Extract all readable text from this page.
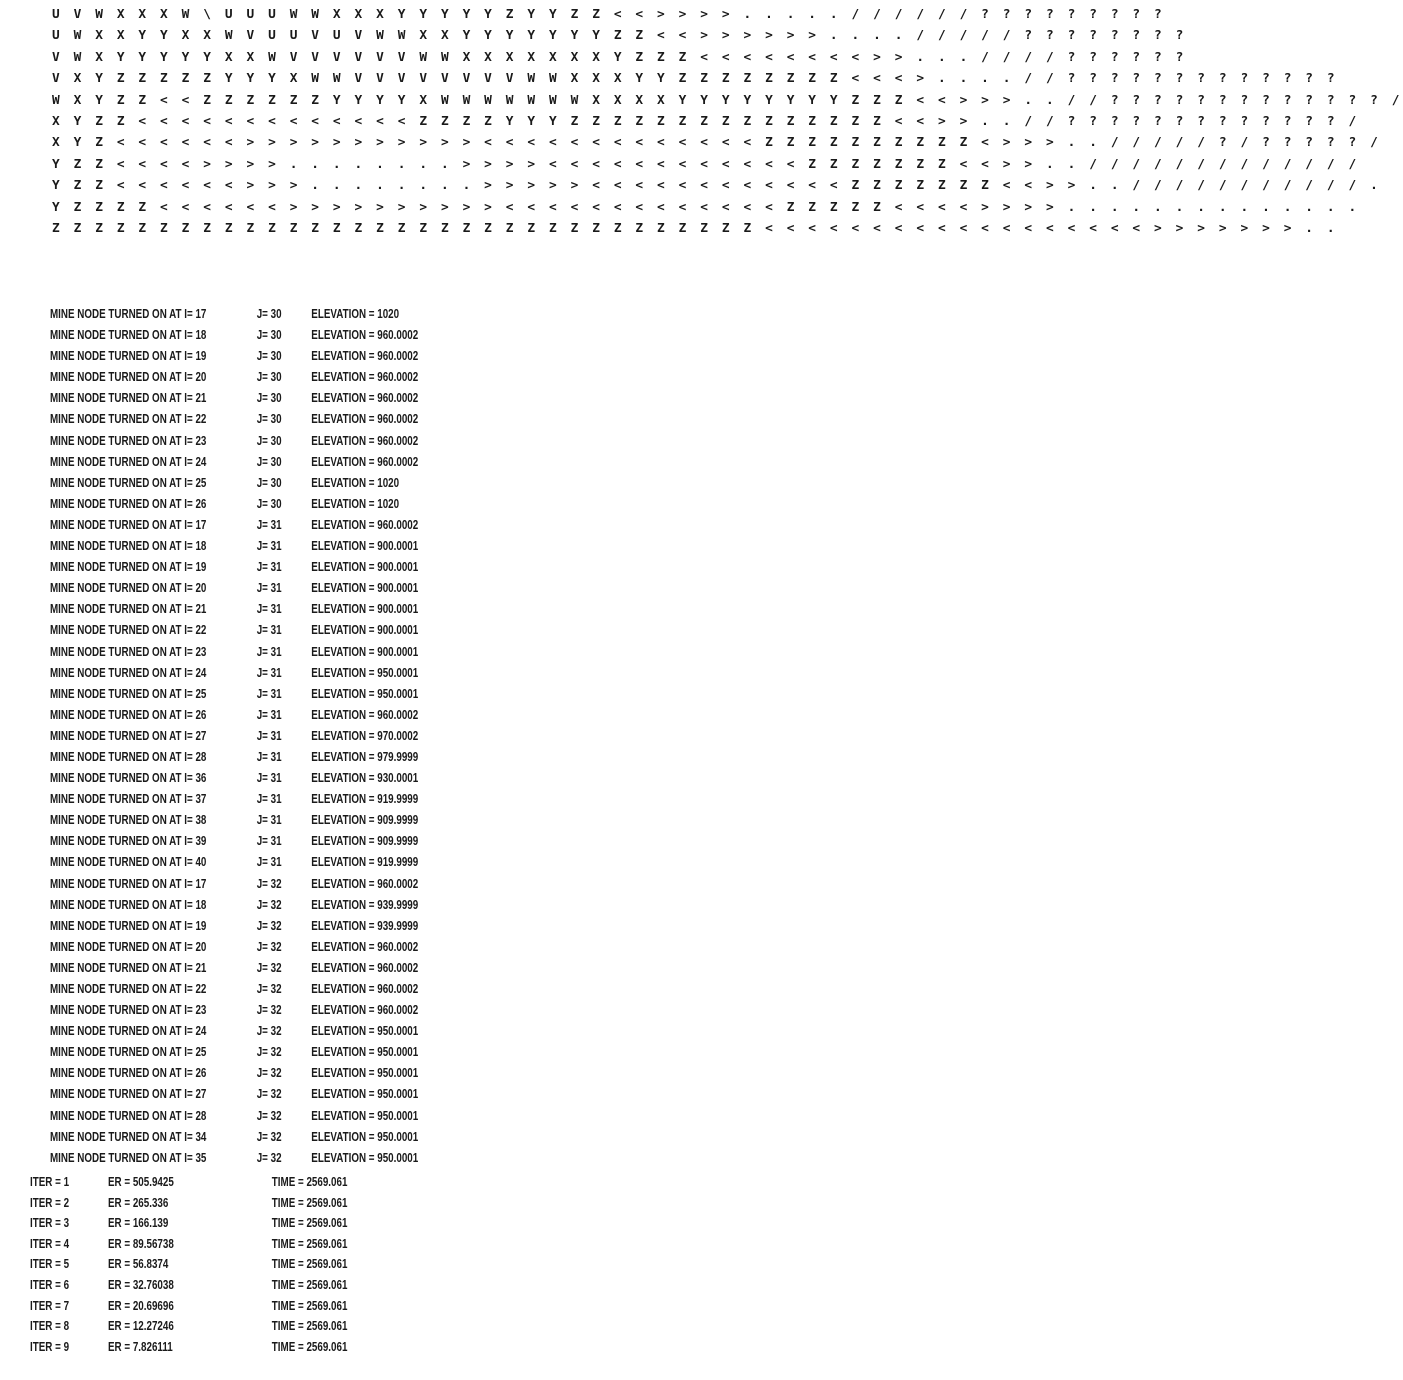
U V W X X X W \ U U U W W X X X Y Y Y Y Y Z Y Y Z Z < < > > > > . . . . . / / / / / / ? ? ? ? ? ? ? ? ?
U W X X Y Y X X W V U U V U V W W X X Y Y Y Y Y Y Y Z Z < < > > > > > > . . . . / / / / / ? ? ? ? ? ? ? ?
V W X Y Y Y Y Y X X W V V V V V V W W X X X X X X X Y Z Z Z < < < < < < < < > > . . . / / / / ? ? ? ? ? ?
V X Y Z Z Z Z Z Y Y Y X W W V V V V V V V V W W X X X Y Y Z Z Z Z Z Z Z Z < < < > . . . . / / ? ? ? ? ? ? ? ? ? ? ? ? ?
W X Y Z Z < < Z Z Z Z Z Z Y Y Y Y X W W W W W W W X X X X Y Y Y Y Y Y Y Y Z Z Z < < > > > . . / / ? ? ? ? ? ? ? ? ? ? ? ? ? /
X Y Z Z < < < < < < < < < < < < < Z Z Z Z Y Y Y Z Z Z Z Z Z Z Z Z Z Z Z Z Z Z < < > > . . / / ? ? ? ? ? ? ? ? ? ? ? ? ? /
X Y Z < < < < < < > > > > > > > > > > > < < < < < < < < < < < < < Z Z Z Z Z Z Z Z Z Z < > > > . . / / / / / ? / ? ? ? ? ? /
Y Z Z < < < < > > > > . . . . . . . . > > > > < < < < < < < < < < < < Z Z Z Z Z Z Z < < > > . . / / / / / / / / / / / / /
Y Z Z < < < < < < > > > . . . . . . . . > > > > > < < < < < < < < < < < < Z Z Z Z Z Z Z < < > > . . / / / / / / / / / / / .
Y Z Z Z Z < < < < < < > > > > > > > > > > < < < < < < < < < < < < < Z Z Z Z Z < < < < > > > > . . . . . . . . . . . . . .
Z Z Z Z Z Z Z Z Z Z Z Z Z Z Z Z Z Z Z Z Z Z Z Z Z Z Z Z Z Z Z Z Z < < < < < < < < < < < < < < < < < < > > > > > > > . .
MINE NODE TURNED ON AT I= 17	J= 30 ELEVATION = 1020
MINE NODE TURNED ON AT I= 18	J= 30 ELEVATION = 960.0002
MINE NODE TURNED ON AT I= 19	J= 30 ELEVATION = 960.0002
MINE NODE TURNED ON AT I= 20	J= 30 ELEVATION = 960.0002
MINE NODE TURNED ON AT I= 21	J= 30 ELEVATION = 960.0002
MINE NODE TURNED ON AT I= 22	J= 30 ELEVATION = 960.0002
MINE NODE TURNED ON AT I= 23	J= 30 ELEVATION = 960.0002
MINE NODE TURNED ON AT I= 24	J= 30 ELEVATION = 960.0002
MINE NODE TURNED ON AT I= 25	J= 30 ELEVATION = 1020
MINE NODE TURNED ON AT I= 26	J= 30 ELEVATION = 1020
MINE NODE TURNED ON AT I= 17	J= 31 ELEVATION = 960.0002
MINE NODE TURNED ON AT I= 18	J= 31 ELEVATION = 900.0001
MINE NODE TURNED ON AT I= 19	J= 31 ELEVATION = 900.0001
MINE NODE TURNED ON AT I= 20	J= 31 ELEVATION = 900.0001
MINE NODE TURNED ON AT I= 21	J= 31 ELEVATION = 900.0001
MINE NODE TURNED ON AT I= 22	J= 31 ELEVATION = 900.0001
MINE NODE TURNED ON AT I= 23	J= 31 ELEVATION = 900.0001
MINE NODE TURNED ON AT I= 24	J= 31 ELEVATION = 950.0001
MINE NODE TURNED ON AT I= 25	J= 31 ELEVATION = 950.0001
MINE NODE TURNED ON AT I= 26	J= 31 ELEVATION = 960.0002
MINE NODE TURNED ON AT I= 27	J= 31 ELEVATION = 970.0002
MINE NODE TURNED ON AT I= 28	J= 31 ELEVATION = 979.9999
MINE NODE TURNED ON AT I= 36	J= 31 ELEVATION = 930.0001
MINE NODE TURNED ON AT I= 37	J= 31 ELEVATION = 919.9999
MINE NODE TURNED ON AT I= 38	J= 31 ELEVATION = 909.9999
MINE NODE TURNED ON AT I= 39	J= 31 ELEVATION = 909.9999
MINE NODE TURNED ON AT I= 40	J= 31 ELEVATION = 919.9999
MINE NODE TURNED ON AT I= 17	J= 32 ELEVATION = 960.0002
MINE NODE TURNED ON AT I= 18	J= 32 ELEVATION = 939.9999
MINE NODE TURNED ON AT I= 19	J= 32 ELEVATION = 939.9999
MINE NODE TURNED ON AT I= 20	J= 32 ELEVATION = 960.0002
MINE NODE TURNED ON AT I= 21	J= 32 ELEVATION = 960.0002
MINE NODE TURNED ON AT I= 22	J= 32 ELEVATION = 960.0002
MINE NODE TURNED ON AT I= 23	J= 32 ELEVATION = 960.0002
MINE NODE TURNED ON AT I= 24	J= 32 ELEVATION = 950.0001
MINE NODE TURNED ON AT I= 25	J= 32 ELEVATION = 950.0001
MINE NODE TURNED ON AT I= 26	J= 32 ELEVATION = 950.0001
MINE NODE TURNED ON AT I= 27	J= 32 ELEVATION = 950.0001
MINE NODE TURNED ON AT I= 28	J= 32 ELEVATION = 950.0001
MINE NODE TURNED ON AT I= 34	J= 32 ELEVATION = 950.0001
MINE NODE TURNED ON AT I= 35	J= 32 ELEVATION = 950.0001
ITER = 1	ER = 505.9425	TIME = 2569.061
ITER = 2	ER = 265.336	TIME = 2569.061
ITER = 3	ER = 166.139	TIME = 2569.061
ITER = 4	ER = 89.56738	TIME = 2569.061
ITER = 5	ER = 56.8374	TIME = 2569.061
ITER = 6	ER = 32.76038	TIME = 2569.061
ITER = 7	ER = 20.69696	TIME = 2569.061
ITER = 8	ER = 12.27246	TIME = 2569.061
ITER = 9	ER = 7.826111	TIME = 2569.061
